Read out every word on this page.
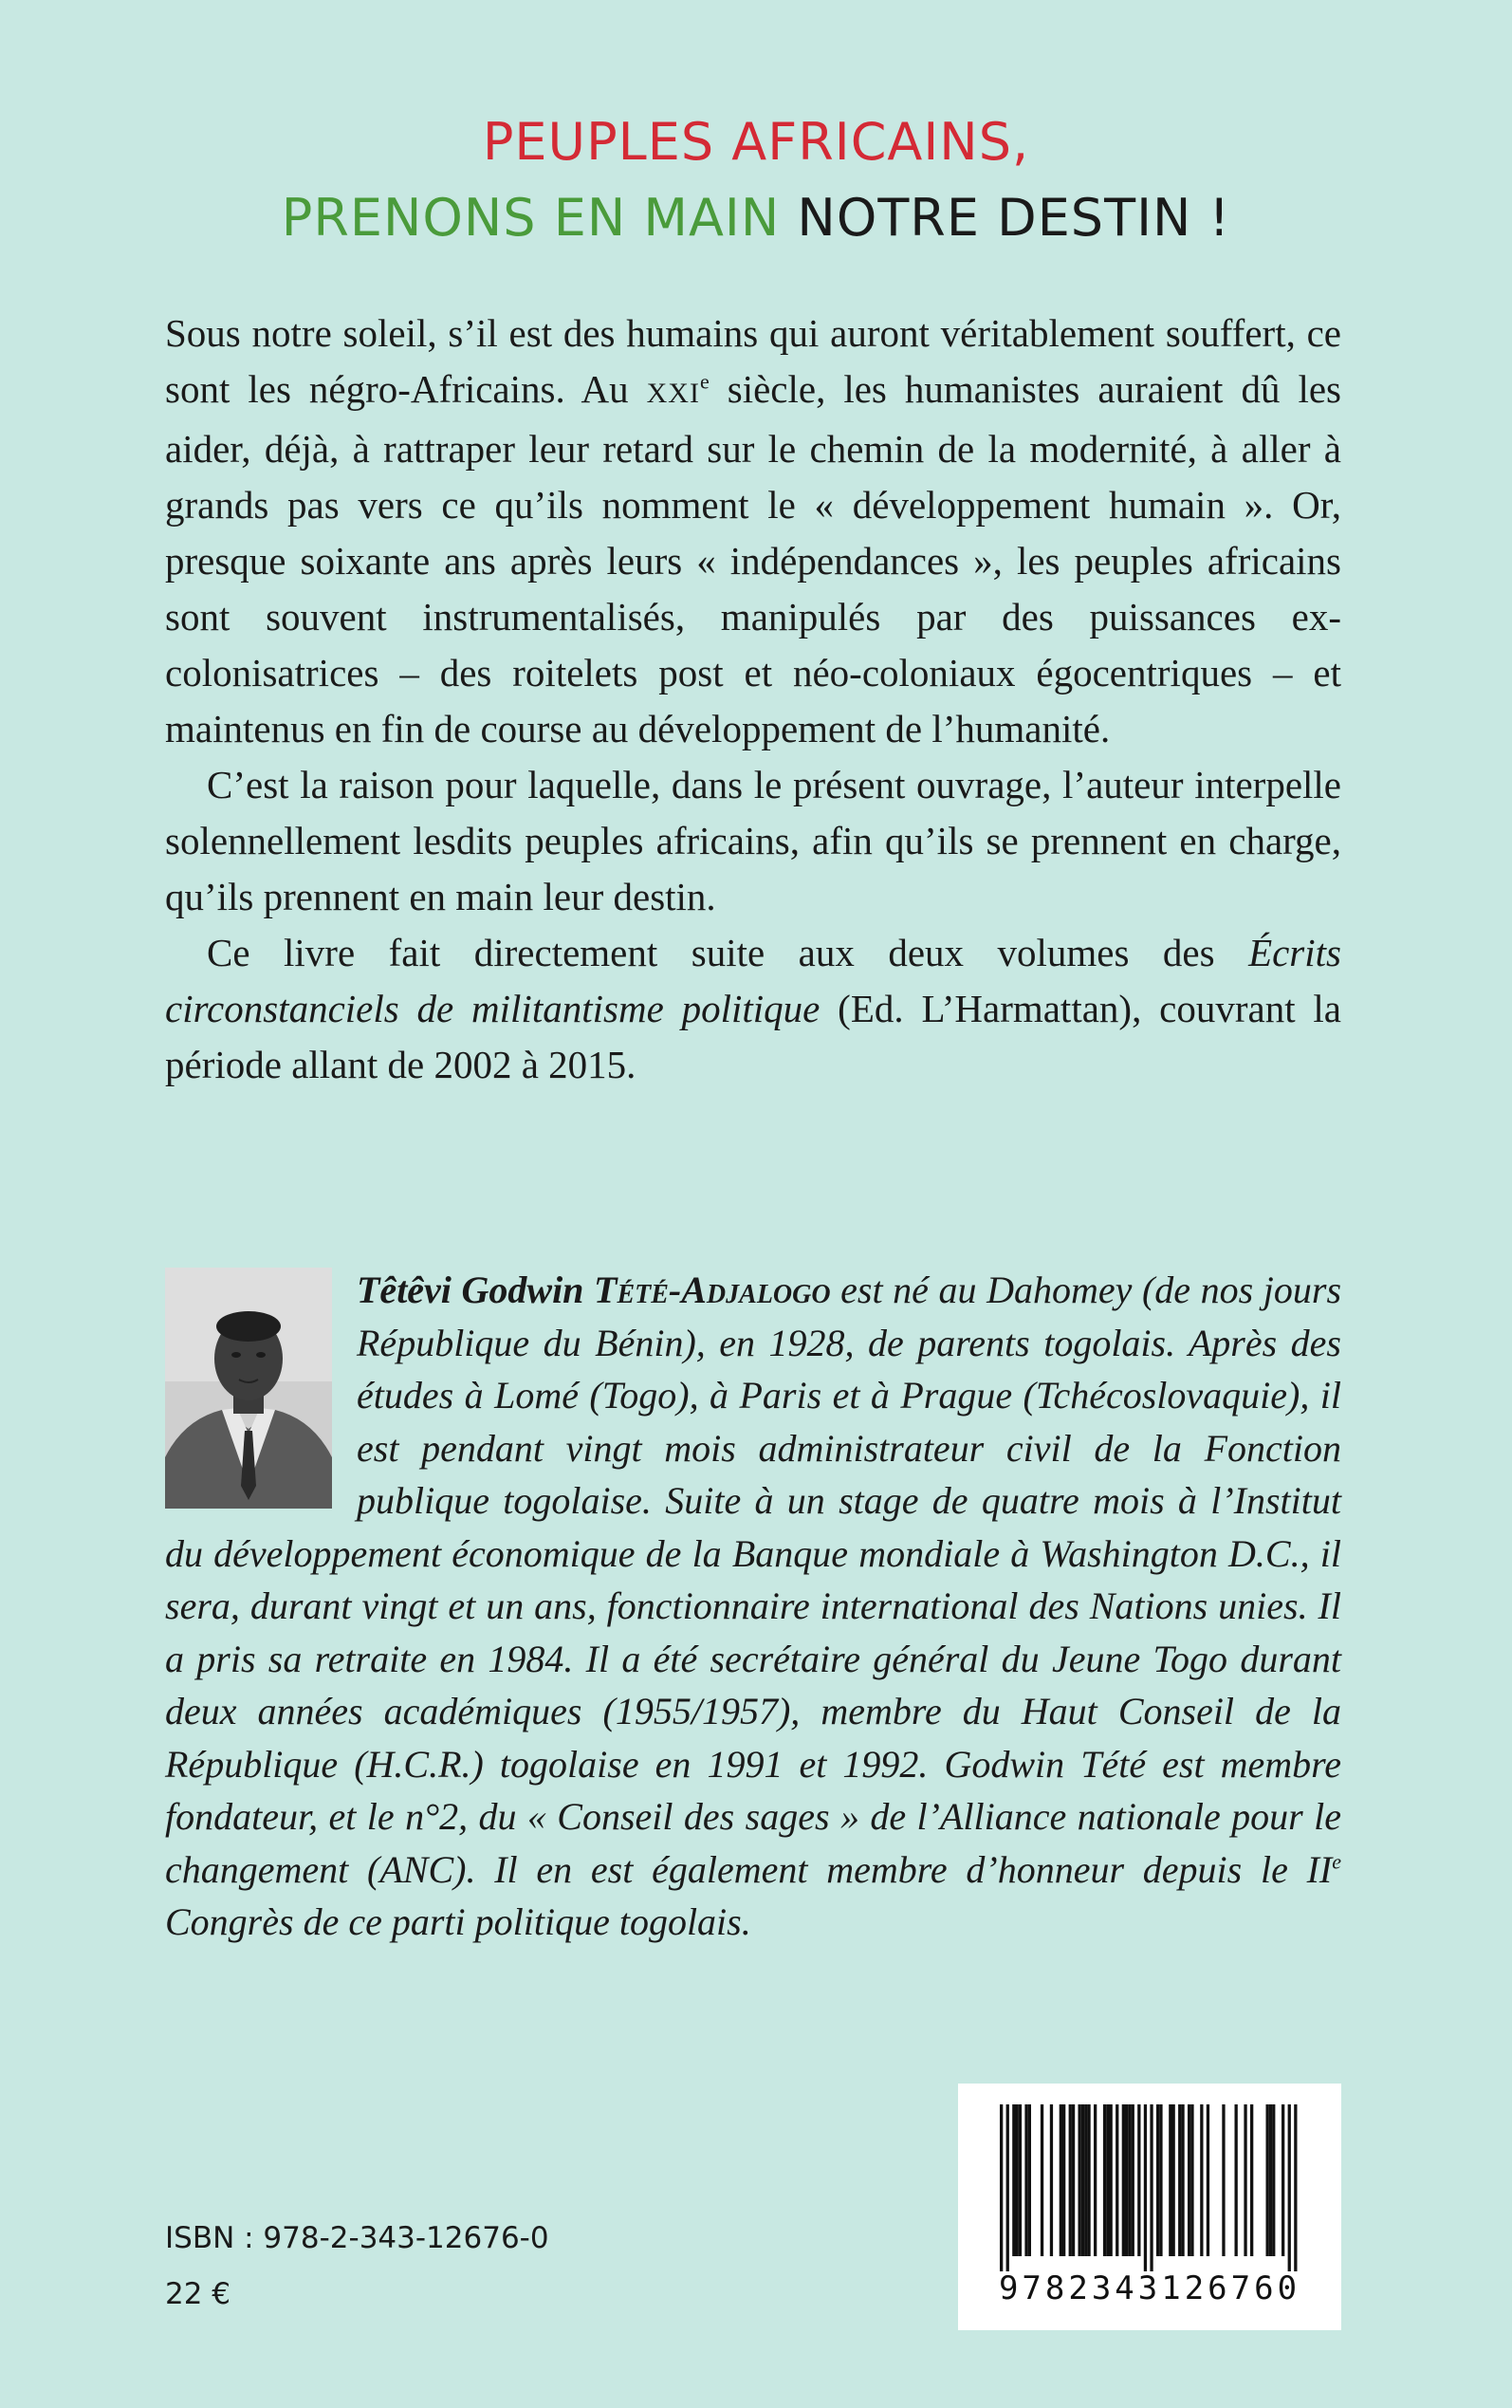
PEUPLES AFRICAINS,
PRENONS EN MAIN NOTRE DESTIN !

Sous notre soleil, s’il est des humains qui auront véritablement souffert, ce sont les négro-Africains. Au XXIe siècle, les humanistes auraient dû les aider, déjà, à rattraper leur retard sur le chemin de la modernité, à aller à grands pas vers ce qu’ils nomment le « développement humain ». Or, presque soixante ans après leurs « indépendances », les peuples africains sont souvent instrumentalisés, manipulés par des puissances ex-colonisatrices – des roitelets post et néo-coloniaux égocentriques – et maintenus en fin de course au développement de l’humanité.

C’est la raison pour laquelle, dans le présent ouvrage, l’auteur interpelle solennellement lesdits peuples africains, afin qu’ils se prennent en charge, qu’ils prennent en main leur destin.

Ce livre fait directement suite aux deux volumes des Écrits circonstanciels de militantisme politique (Ed. L’Harmattan), couvrant la période allant de 2002 à 2015.

Têtêvi Godwin Tété-Adjalogo est né au Dahomey (de nos jours République du Bénin), en 1928, de parents togolais. Après des études à Lomé (Togo), à Paris et à Prague (Tchécoslovaquie), il est pendant vingt mois administrateur civil de la Fonction publique togolaise. Suite à un stage de quatre mois à l’Institut du développement économique de la Banque mondiale à Washington D.C., il sera, durant vingt et un ans, fonctionnaire international des Nations unies. Il a pris sa retraite en 1984. Il a été secrétaire général du Jeune Togo durant deux années académiques (1955/1957), membre du Haut Conseil de la République (H.C.R.) togolaise en 1991 et 1992. Godwin Tété est membre fondateur, et le n°2, du « Conseil des sages » de l’Alliance nationale pour le changement (ANC). Il en est également membre d’honneur depuis le IIe Congrès de ce parti politique togolais.
ISBN : 978-2-343-12676-0
22 €	9782343126760
